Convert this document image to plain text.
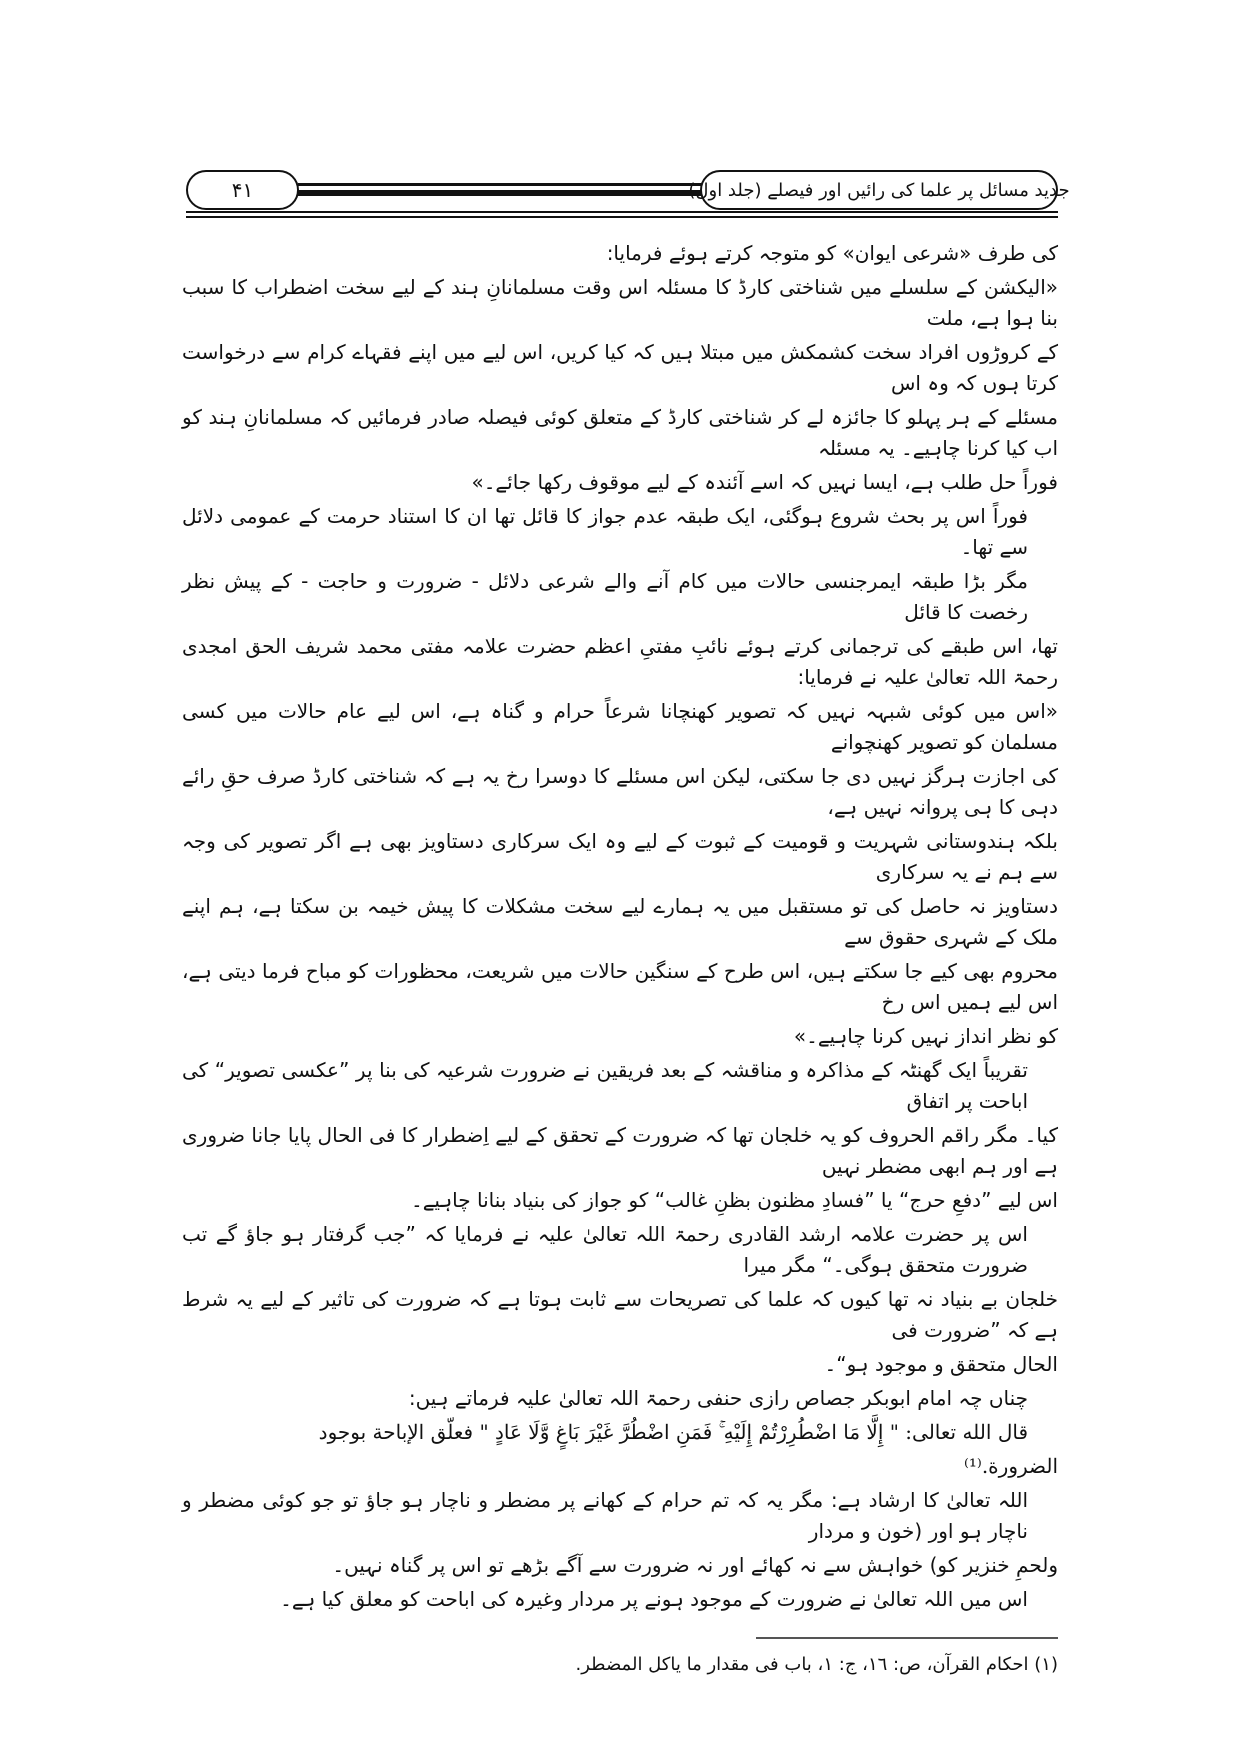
۴۱	جدید مسائل پر علما کی رائیں اور فیصلے (جلد اول)
کی طرف «شرعی ایوان» کو متوجہ کرتے ہوئے فرمایا:
«الیکشن کے سلسلے میں شناختی کارڈ کا مسئلہ اس وقت مسلمانانِ ہند کے لیے سخت اضطراب کا سبب بنا ہوا ہے، ملت
کے کروڑوں افراد سخت کشمکش میں مبتلا ہیں کہ کیا کریں، اس لیے میں اپنے فقہاے کرام سے درخواست کرتا ہوں کہ وہ اس
مسئلے کے ہر پہلو کا جائزہ لے کر شناختی کارڈ کے متعلق کوئی فیصلہ صادر فرمائیں کہ مسلمانانِ ہند کو اب کیا کرنا چاہیے۔ یہ مسئلہ
فوراً حل طلب ہے، ایسا نہیں کہ اسے آئندہ کے لیے موقوف رکھا جائے۔»
فوراً اس پر بحث شروع ہوگئی، ایک طبقہ عدم جواز کا قائل تھا ان کا استناد حرمت کے عمومی دلائل سے تھا۔
مگر بڑا طبقہ ایمرجنسی حالات میں کام آنے والے شرعی دلائل - ضرورت و حاجت - کے پیش نظر رخصت کا قائل
تھا، اس طبقے کی ترجمانی کرتے ہوئے نائبِ مفتیِ اعظم حضرت علامہ مفتی محمد شریف الحق امجدی رحمۃ اللہ تعالیٰ علیہ نے فرمایا:
«اس میں کوئی شبہہ نہیں کہ تصویر کھنچانا شرعاً حرام و گناہ ہے، اس لیے عام حالات میں کسی مسلمان کو تصویر کھنچوانے
کی اجازت ہرگز نہیں دی جا سکتی، لیکن اس مسئلے کا دوسرا رخ یہ ہے کہ شناختی کارڈ صرف حقِ رائے دہی کا ہی پروانہ نہیں ہے،
بلکہ ہندوستانی شہریت و قومیت کے ثبوت کے لیے وہ ایک سرکاری دستاویز بھی ہے اگر تصویر کی وجہ سے ہم نے یہ سرکاری
دستاویز نہ حاصل کی تو مستقبل میں یہ ہمارے لیے سخت مشکلات کا پیش خیمہ بن سکتا ہے، ہم اپنے ملک کے شہری حقوق سے
محروم بھی کیے جا سکتے ہیں، اس طرح کے سنگین حالات میں شریعت، محظورات کو مباح فرما دیتی ہے، اس لیے ہمیں اس رخ
کو نظر انداز نہیں کرنا چاہیے۔»
تقریباً ایک گھنٹہ کے مذاکرہ و مناقشہ کے بعد فریقین نے ضرورت شرعیہ کی بنا پر ”عکسی تصویر“ کی اباحت پر اتفاق
کیا۔ مگر راقم الحروف کو یہ خلجان تھا کہ ضرورت کے تحقق کے لیے اِضطرار کا فی الحال پایا جانا ضروری ہے اور ہم ابھی مضطر نہیں
اس لیے ”دفعِ حرج“ یا ”فسادِ مظنون بظنِ غالب“ کو جواز کی بنیاد بنانا چاہیے۔
اس پر حضرت علامہ ارشد القادری رحمۃ اللہ تعالیٰ علیہ نے فرمایا کہ ”جب گرفتار ہو جاؤ گے تب ضرورت متحقق ہوگی۔“ مگر میرا
خلجان بے بنیاد نہ تھا کیوں کہ علما کی تصریحات سے ثابت ہوتا ہے کہ ضرورت کی تاثیر کے لیے یہ شرط ہے کہ ”ضرورت فی
الحال متحقق و موجود ہو“۔
چناں چہ امام ابوبکر جصاص رازی حنفی رحمۃ اللہ تعالیٰ علیہ فرماتے ہیں:
قال الله تعالى: " إِلَّا مَا اضْطُرِرْتُمْ إِلَيْهِ ۚ فَمَنِ اضْطُرَّ غَيْرَ بَاغٍ وَّلَا عَادٍ " فعلّق الإباحة بوجود
الضرورة.⁽¹⁾
اللہ تعالیٰ کا ارشاد ہے: مگر یہ کہ تم حرام کے کھانے پر مضطر و ناچار ہو جاؤ تو جو کوئی مضطر و ناچار ہو اور (خون و مردار
ولحمِ خنزیر کو) خواہش سے نہ کھائے اور نہ ضرورت سے آگے بڑھے تو اس پر گناہ نہیں۔
اس میں اللہ تعالیٰ نے ضرورت کے موجود ہونے پر مردار وغیرہ کی اباحت کو معلق کیا ہے۔
(۱) احکام القرآن، ص: ١٦، ج: ١، باب فی مقدار ما یاکل المضطر.
